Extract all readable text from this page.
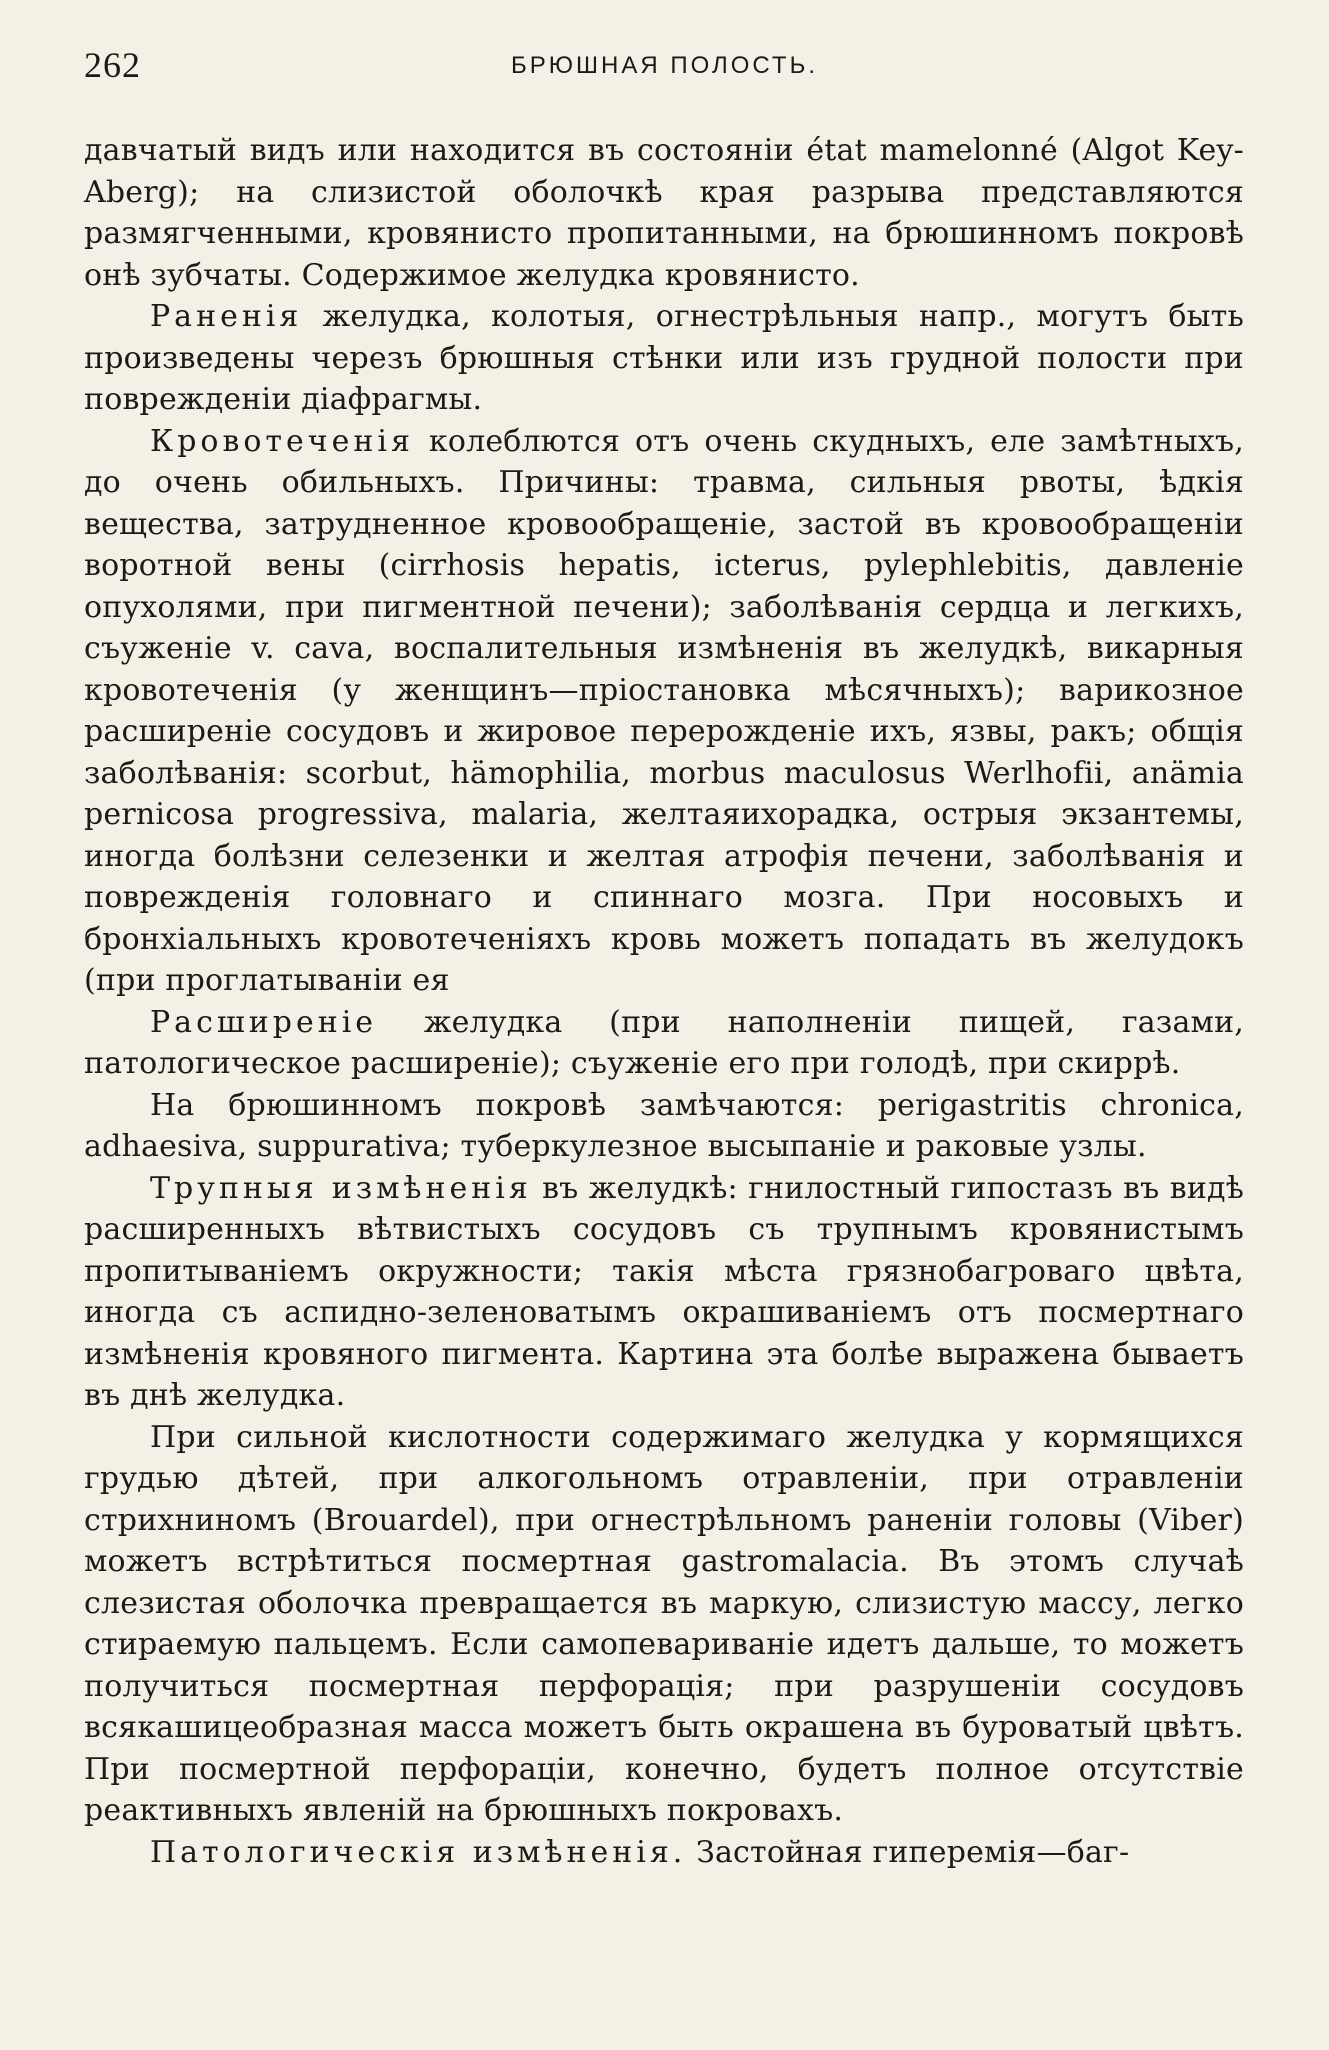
262	БРЮШНАЯ ПОЛОСТЬ.

давчатый видъ или находится въ состояніи état mamelonné (Algot Key-Aberg); на слизистой оболочкѣ края разрыва представляются размягченными, кровянисто пропитанными, на брюшинномъ покровѣ онѣ зубчаты. Содержимое желудка кровянисто.

Раненія желудка, колотыя, огнестрѣльныя напр., могутъ быть произведены черезъ брюшныя стѣнки или изъ грудной полости при поврежденіи діафрагмы.

Кровотеченія колеблются отъ очень скудныхъ, еле замѣтныхъ, до очень обильныхъ. Причины: травма, сильныя рвоты, ѣдкія вещества, затрудненное кровообращеніе, застой въ кровообращеніи воротной вены (cirrhosis hepatis, icterus, pylephlebitis, давленіе опухолями, при пигментной печени); заболѣванія сердца и легкихъ, съуженіе v. cava, воспалительныя измѣненія въ желудкѣ, викарныя кровотеченія (у женщинъ—пріостановка мѣсячныхъ); варикозное расширеніе сосудовъ и жировое перерожденіе ихъ, язвы, ракъ; общія заболѣванія: scorbut, hämophilia, morbus maculosus Werlhofii, anämia pernicosa progressiva, malaria, желтаяихорадка, острыя экзантемы, иногда болѣзни селезенки и желтая атрофія печени, заболѣванія и поврежденія головнаго и спиннаго мозга. При носовыхъ и бронхіальныхъ кровотеченіяхъ кровь можетъ попадать въ желудокъ (при проглатываніи ея

Расширеніе желудка (при наполненіи пищей, газами, патологическое расширеніе); съуженіе его при голодѣ, при скиррѣ.

На брюшинномъ покровѣ замѣчаются: perigastritis chronica, adhaesiva, suppurativa; туберкулезное высыпаніе и раковые узлы.

Трупныя измѣненія въ желудкѣ: гнилостный гипостазъ въ видѣ расширенныхъ вѣтвистыхъ сосудовъ съ трупнымъ кровянистымъ пропитываніемъ окружности; такія мѣста грязнобагроваго цвѣта, иногда съ аспидно-зеленоватымъ окрашиваніемъ отъ посмертнаго измѣненія кровяного пигмента. Картина эта болѣе выражена бываетъ въ днѣ желудка.

При сильной кислотности содержимаго желудка у кормящихся грудью дѣтей, при алкогольномъ отравленіи, при отравленіи стрихниномъ (Brouardel), при огнестрѣльномъ раненіи головы (Viber) можетъ встрѣтиться посмертная gastromalacia. Въ этомъ случаѣ слезистая оболочка превращается въ маркую, слизистую массу, легко стираемую пальцемъ. Если самопевариваніе идетъ дальше, то можетъ получиться посмертная перфорація; при разрушеніи сосудовъ всякашицеобразная масса можетъ быть окрашена въ буроватый цвѣтъ. При посмертной перфораціи, конечно, будетъ полное отсутствіе реактивныхъ явленій на брюшныхъ покровахъ.

Патологическія измѣненія. Застойная гиперемія—баг-
